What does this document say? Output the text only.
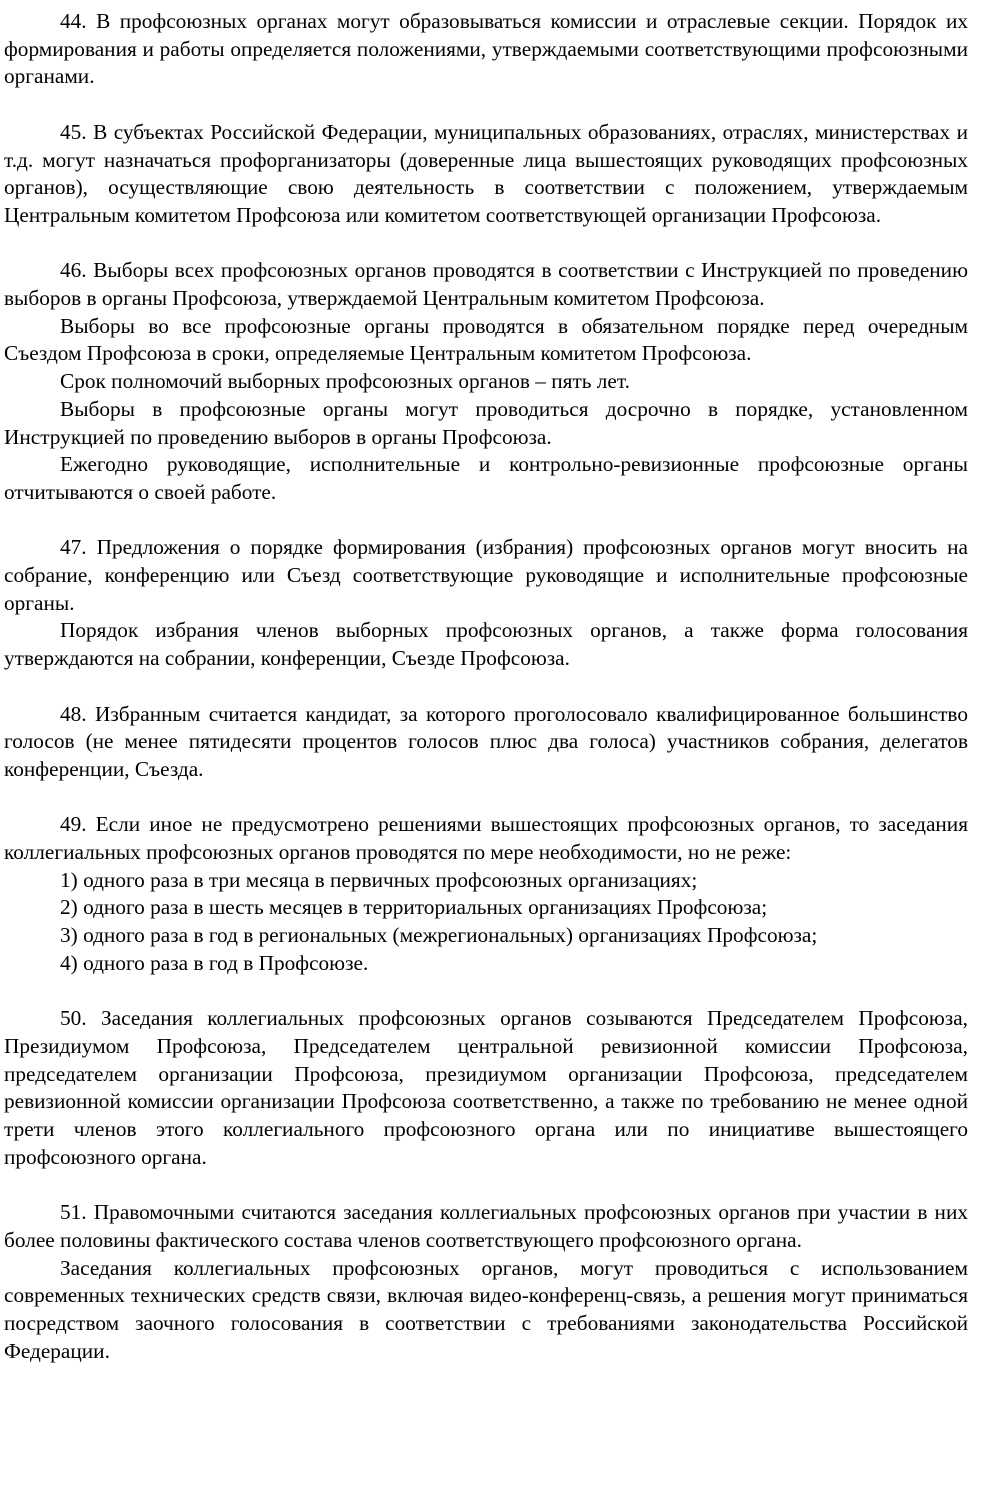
44. В профсоюзных органах могут образовываться комиссии и отраслевые секции. Порядок их формирования и работы определяется положениями, утверждаемыми соответствующими профсоюзными органами.

45. В субъектах Российской Федерации, муниципальных образованиях, отраслях, министерствах и т.д. могут назначаться профорганизаторы (доверенные лица вышестоящих руководящих профсоюзных органов), осуществляющие свою деятельность в соответствии с положением, утверждаемым Центральным комитетом Профсоюза или комитетом соответствующей организации Профсоюза.

46. Выборы всех профсоюзных органов проводятся в соответствии с Инструкцией по проведению выборов в органы Профсоюза, утверждаемой Центральным комитетом Профсоюза.

Выборы во все профсоюзные органы проводятся в обязательном порядке перед очередным Съездом Профсоюза в сроки, определяемые Центральным комитетом Профсоюза.

Срок полномочий выборных профсоюзных органов – пять лет.

Выборы в профсоюзные органы могут проводиться досрочно в порядке, установленном Инструкцией по проведению выборов в органы Профсоюза.

Ежегодно руководящие, исполнительные и контрольно-ревизионные профсоюзные органы отчитываются о своей работе.

47. Предложения о порядке формирования (избрания) профсоюзных органов могут вносить на собрание, конференцию или Съезд соответствующие руководящие и исполнительные профсоюзные органы.

Порядок избрания членов выборных профсоюзных органов, а также форма голосования утверждаются на собрании, конференции, Съезде Профсоюза.

48. Избранным считается кандидат, за которого проголосовало квалифицированное большинство голосов (не менее пятидесяти процентов голосов плюс два голоса) участников собрания, делегатов конференции, Съезда.

49. Если иное не предусмотрено решениями вышестоящих профсоюзных органов, то заседания коллегиальных профсоюзных органов проводятся по мере необходимости, но не реже:

1) одного раза в три месяца в первичных профсоюзных организациях;

2) одного раза в шесть месяцев в территориальных организациях Профсоюза;

3) одного раза в год в региональных (межрегиональных) организациях Профсоюза;

4) одного раза в год в Профсоюзе.

50. Заседания коллегиальных профсоюзных органов созываются Председателем Профсоюза, Президиумом Профсоюза, Председателем центральной ревизионной комиссии Профсоюза, председателем организации Профсоюза, президиумом организации Профсоюза, председателем ревизионной комиссии организации Профсоюза соответственно, а также по требованию не менее одной трети членов этого коллегиального профсоюзного органа или по инициативе вышестоящего профсоюзного органа.

51. Правомочными считаются заседания коллегиальных профсоюзных органов при участии в них более половины фактического состава членов соответствующего профсоюзного органа.

Заседания коллегиальных профсоюзных органов, могут проводиться с использованием современных технических средств связи, включая видео-конференц-связь, а решения могут приниматься посредством заочного голосования в соответствии с требованиями законодательства Российской Федерации.
